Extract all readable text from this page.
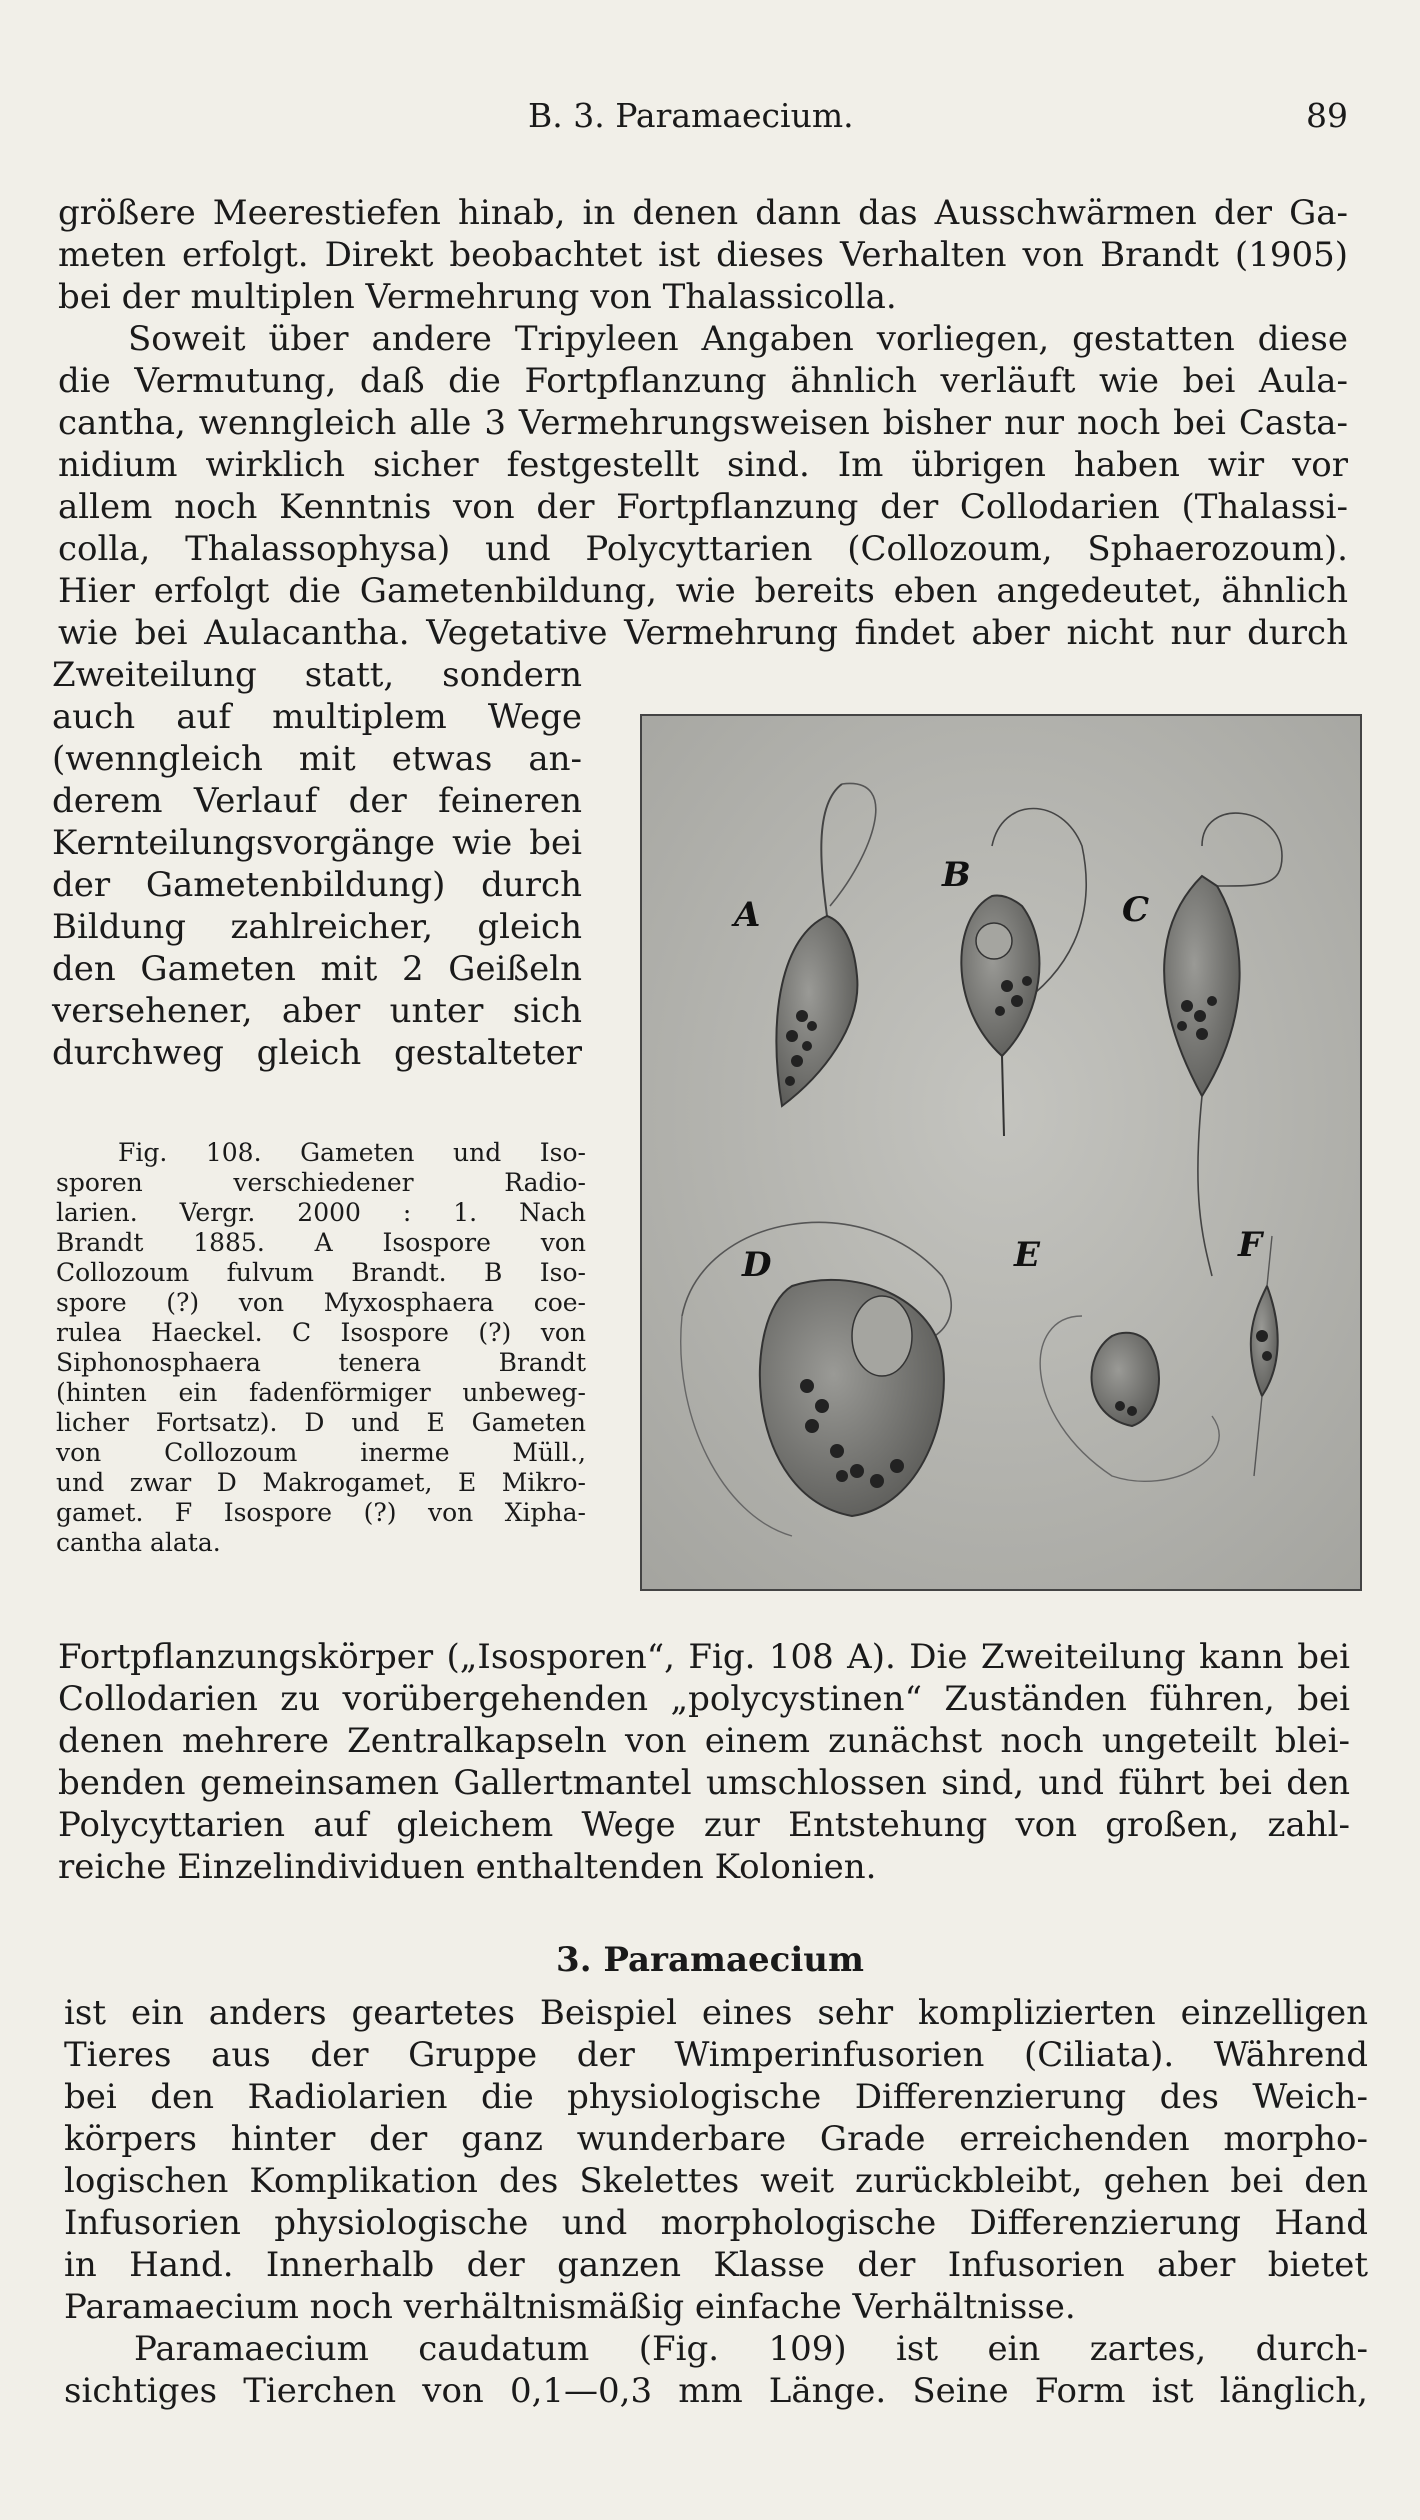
B. 3. Paramaecium.	89
größere Meerestiefen hinab, in denen dann das Ausschwärmen der Ga-
meten erfolgt. Direkt beobachtet ist dieses Verhalten von Brandt (1905)
bei der multiplen Vermehrung von Thalassicolla.
Soweit über andere Tripyleen Angaben vorliegen, gestatten diese
die Vermutung, daß die Fortpflanzung ähnlich verläuft wie bei Aula-
cantha, wenngleich alle 3 Vermehrungsweisen bisher nur noch bei Casta-
nidium wirklich sicher festgestellt sind. Im übrigen haben wir vor
allem noch Kenntnis von der Fortpflanzung der Collodarien (Thalassi-
colla, Thalassophysa) und Polycyttarien (Collozoum, Sphaerozoum).
Hier erfolgt die Gametenbildung, wie bereits eben angedeutet, ähnlich
wie bei Aulacantha. Vegetative Vermehrung findet aber nicht nur durch
Zweiteilung statt, sondern
auch auf multiplem Wege
(wenngleich mit etwas an-
derem Verlauf der feineren
Kernteilungsvorgänge wie bei
der Gametenbildung) durch
Bildung zahlreicher, gleich
den Gameten mit 2 Geißeln
versehener, aber unter sich
durchweg gleich gestalteter
Fig. 108. Gameten und Iso-
sporen verschiedener Radio-
larien. Vergr. 2000 : 1. Nach
Brandt 1885. A Isospore von
Collozoum fulvum Brandt. B Iso-
spore (?) von Myxosphaera coe-
rulea Haeckel. C Isospore (?) von
Siphonosphaera tenera Brandt
(hinten ein fadenförmiger unbeweg-
licher Fortsatz). D und E Gameten
von Collozoum inerme Müll.,
und zwar D Makrogamet, E Mikro-
gamet. F Isospore (?) von Xipha-
cantha alata.
A
B
C
D	E	F
Fortpflanzungskörper („Isosporen“, Fig. 108 A). Die Zweiteilung kann bei
Collodarien zu vorübergehenden „polycystinen“ Zuständen führen, bei
denen mehrere Zentralkapseln von einem zunächst noch ungeteilt blei-
benden gemeinsamen Gallertmantel umschlossen sind, und führt bei den
Polycyttarien auf gleichem Wege zur Entstehung von großen, zahl-
reiche Einzelindividuen enthaltenden Kolonien.
3. Paramaecium
ist ein anders geartetes Beispiel eines sehr komplizierten einzelligen
Tieres aus der Gruppe der Wimperinfusorien (Ciliata). Während
bei den Radiolarien die physiologische Differenzierung des Weich-
körpers hinter der ganz wunderbare Grade erreichenden morpho-
logischen Komplikation des Skelettes weit zurückbleibt, gehen bei den
Infusorien physiologische und morphologische Differenzierung Hand
in Hand. Innerhalb der ganzen Klasse der Infusorien aber bietet
Paramaecium noch verhältnismäßig einfache Verhältnisse.
Paramaecium caudatum (Fig. 109) ist ein zartes, durch-
sichtiges Tierchen von 0,1—0,3 mm Länge. Seine Form ist länglich,
